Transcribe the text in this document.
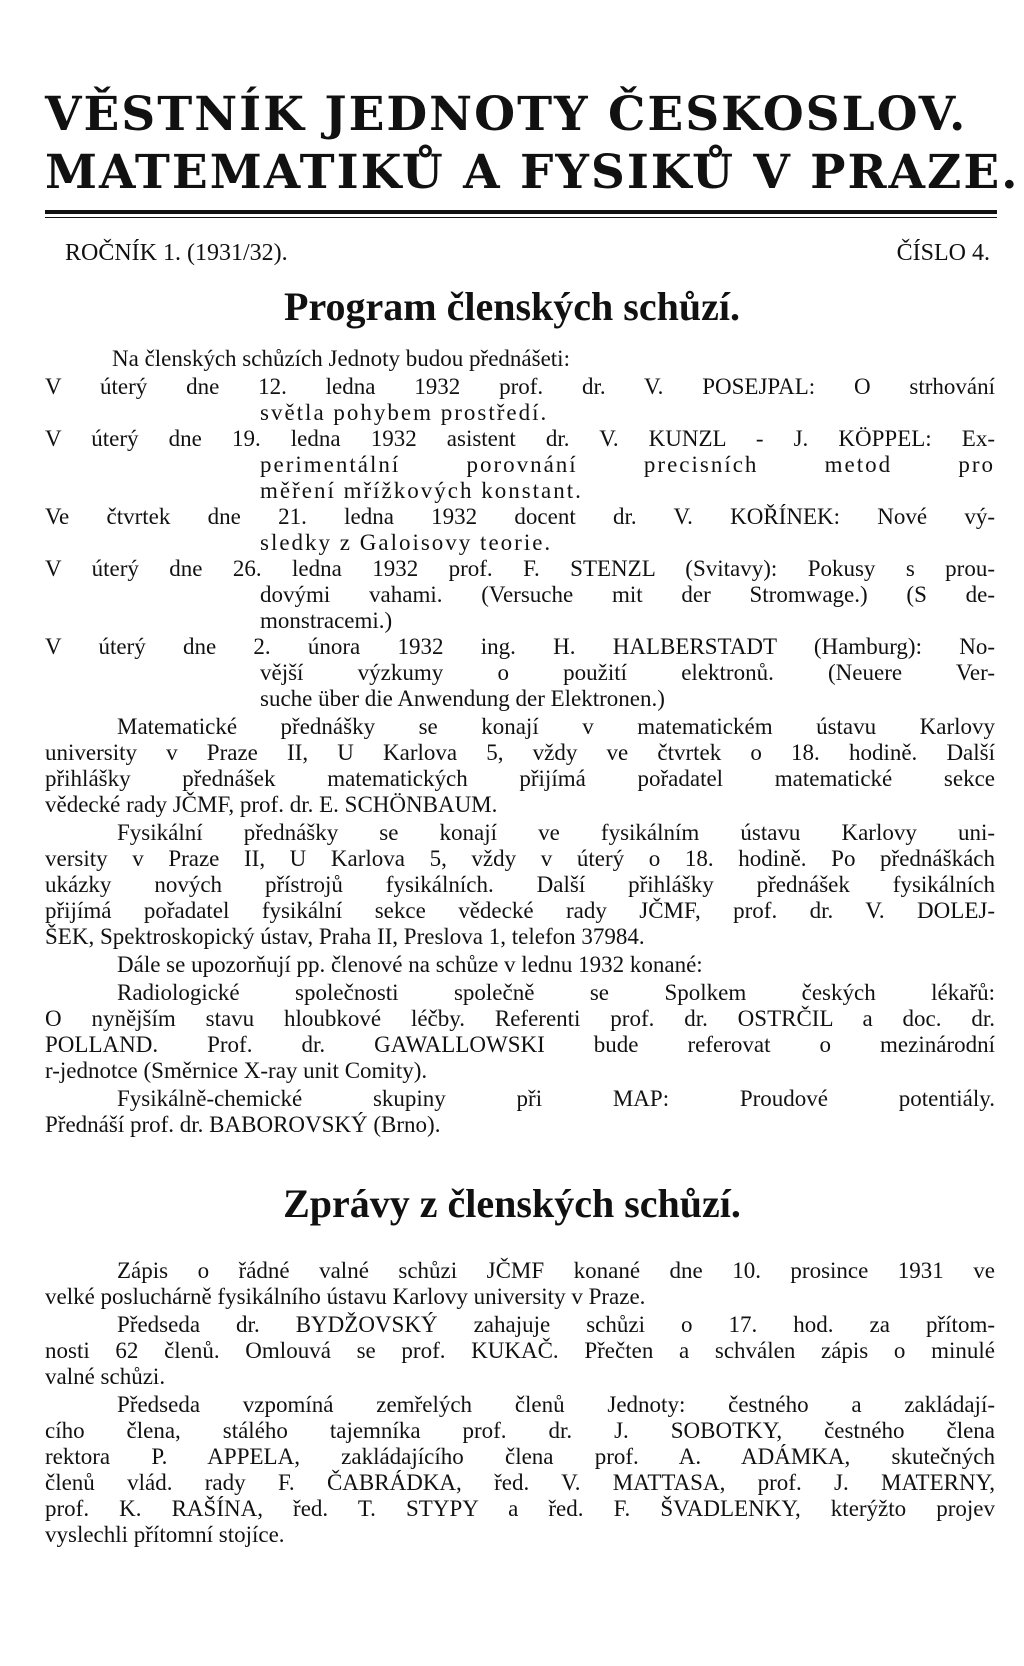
VĚSTNÍK JEDNOTY ČESKOSLOV.
MATEMATIKŮ A FYSIKŮ V PRAZE.
ROČNÍK 1. (1931/32).	ČÍSLO 4.
Program členských schůzí.
Na členských schůzích Jednoty budou přednášeti:
V úterý dne 12. ledna 1932 prof. dr. V. POSEJPAL: O strhování
světla pohybem prostředí.
V úterý dne 19. ledna 1932 asistent dr. V. KUNZL - J. KÖPPEL: Ex-
perimentální porovnání precisních metod pro
měření mřížkových konstant.
Ve čtvrtek dne 21. ledna 1932 docent dr. V. KOŘÍNEK: Nové vý-
sledky z Galoisovy teorie.
V úterý dne 26. ledna 1932 prof. F. STENZL (Svitavy): Pokusy s prou-
dovými vahami. (Versuche mit der Stromwage.) (S de-
monstracemi.)
V úterý dne 2. února 1932 ing. H. HALBERSTADT (Hamburg): No-
vější výzkumy o použití elektronů. (Neuere Ver-
suche über die Anwendung der Elektronen.)
Matematické přednášky se konají v matematickém ústavu Karlovy
university v Praze II, U Karlova 5, vždy ve čtvrtek o 18. hodině. Další
přihlášky přednášek matematických přijímá pořadatel matematické sekce
vědecké rady JČMF, prof. dr. E. SCHÖNBAUM.
Fysikální přednášky se konají ve fysikálním ústavu Karlovy uni-
versity v Praze II, U Karlova 5, vždy v úterý o 18. hodině. Po přednáškách
ukázky nových přístrojů fysikálních. Další přihlášky přednášek fysikálních
přijímá pořadatel fysikální sekce vědecké rady JČMF, prof. dr. V. DOLEJ-
ŠEK, Spektroskopický ústav, Praha II, Preslova 1, telefon 37984.
Dále se upozorňují pp. členové na schůze v lednu 1932 konané:
Radiologické společnosti společně se Spolkem českých lékařů:
O nynějším stavu hloubkové léčby. Referenti prof. dr. OSTRČIL a doc. dr.
POLLAND. Prof. dr. GAWALLOWSKI bude referovat o mezinárodní
r-jednotce (Směrnice X-ray unit Comity).
Fysikálně-chemické skupiny při MAP: Proudové potentiály.
Přednáší prof. dr. BABOROVSKÝ (Brno).
Zprávy z členských schůzí.
Zápis o řádné valné schůzi JČMF konané dne 10. prosince 1931 ve
velké posluchárně fysikálního ústavu Karlovy university v Praze.
Předseda dr. BYDŽOVSKÝ zahajuje schůzi o 17. hod. za přítom-
nosti 62 členů. Omlouvá se prof. KUKAČ. Přečten a schválen zápis o minulé
valné schůzi.
Předseda vzpomíná zemřelých členů Jednoty: čestného a zakládají-
cího člena, stálého tajemníka prof. dr. J. SOBOTKY, čestného člena
rektora P. APPELA, zakládajícího člena prof. A. ADÁMKA, skutečných
členů vlád. rady F. ČABRÁDKA, řed. V. MATTASA, prof. J. MATERNY,
prof. K. RAŠÍNA, řed. T. STYPY a řed. F. ŠVADLENKY, kterýžto projev
vyslechli přítomní stojíce.
